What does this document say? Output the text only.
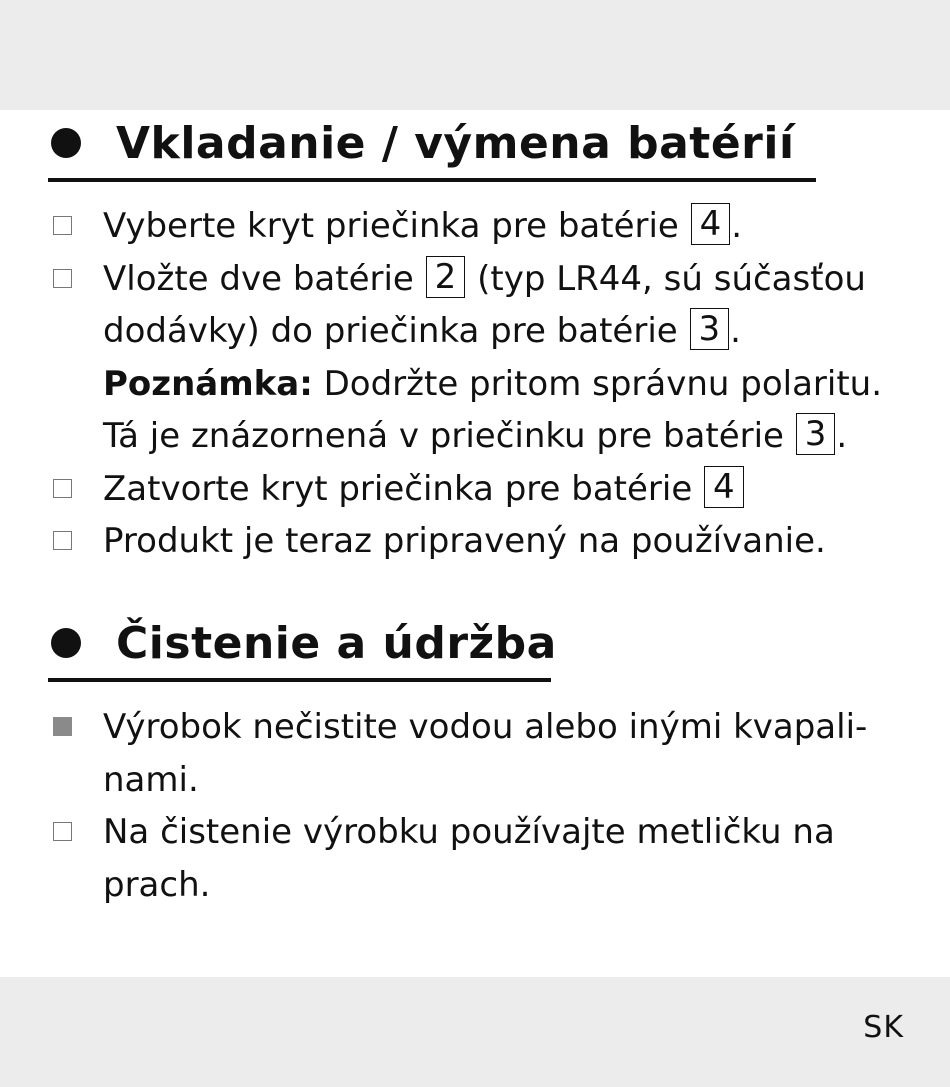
Vkladanie / výmena batérií
Vyberte kryt priečinka pre batérie 4 .
Vložte dve batérie 2 (typ LR44, sú súčasťou
dodávky) do priečinka pre batérie 3 .
Poznámka: Dodržte pritom správnu polaritu.
Tá je znázornená v priečinku pre batérie 3 .
Zatvorte kryt priečinka pre batérie 4
Produkt je teraz pripravený na používanie.
Čistenie a údržba
Výrobok nečistite vodou alebo inými kvapali-
nami.
Na čistenie výrobku používajte metličku na
prach.
SK
